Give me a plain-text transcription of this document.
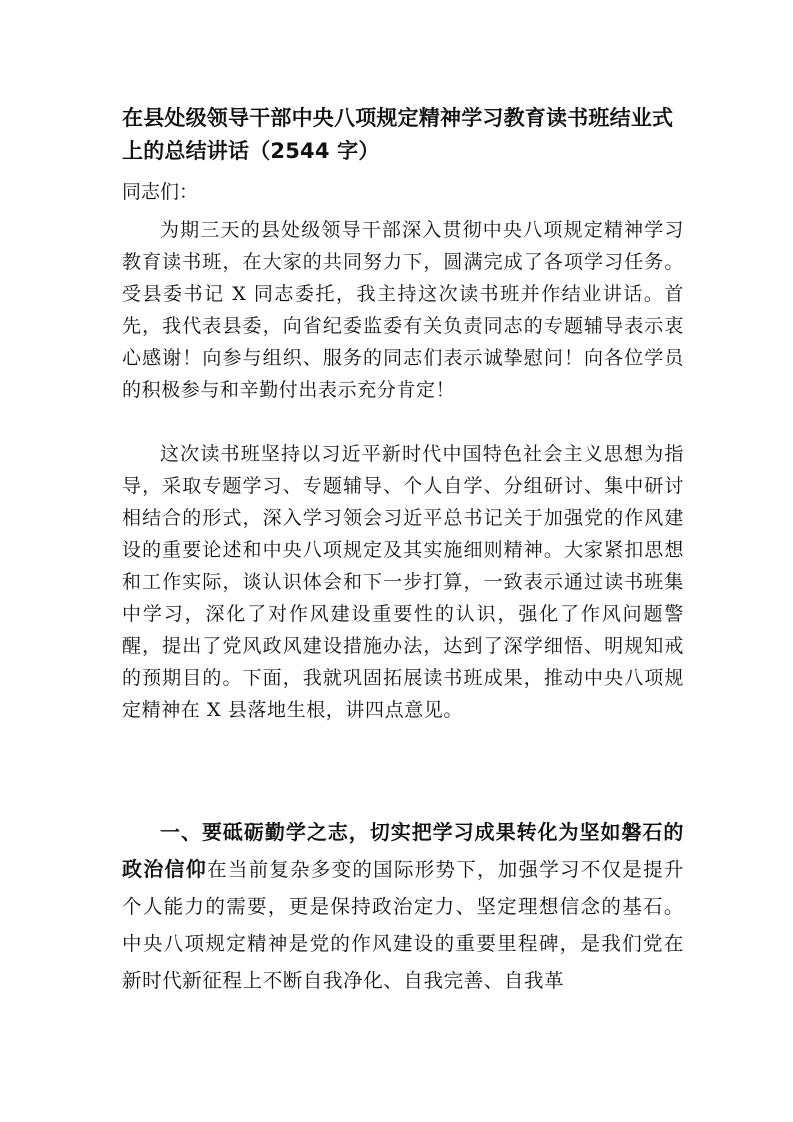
在县处级领导干部中央八项规定精神学习教育读书班结业式上的总结讲话（2544 字）

同志们：

为期三天的县处级领导干部深入贯彻中央八项规定精神学习教育读书班，在大家的共同努力下，圆满完成了各项学习任务。受县委书记 X 同志委托，我主持这次读书班并作结业讲话。首先，我代表县委，向省纪委监委有关负责同志的专题辅导表示衷心感谢！向参与组织、服务的同志们表示诚挚慰问！向各位学员的积极参与和辛勤付出表示充分肯定！

这次读书班坚持以习近平新时代中国特色社会主义思想为指导，采取专题学习、专题辅导、个人自学、分组研讨、集中研讨相结合的形式，深入学习领会习近平总书记关于加强党的作风建设的重要论述和中央八项规定及其实施细则精神。大家紧扣思想和工作实际，谈认识体会和下一步打算，一致表示通过读书班集中学习，深化了对作风建设重要性的认识，强化了作风问题警醒，提出了党风政风建设措施办法，达到了深学细悟、明规知戒的预期目的。下面，我就巩固拓展读书班成果，推动中央八项规定精神在 X 县落地生根，讲四点意见。

一、要砥砺勤学之志，切实把学习成果转化为坚如磐石的政治信仰在当前复杂多变的国际形势下，加强学习不仅是提升个人能力的需要，更是保持政治定力、坚定理想信念的基石。中央八项规定精神是党的作风建设的重要里程碑，是我们党在新时代新征程上不断自我净化、自我完善、自我革
